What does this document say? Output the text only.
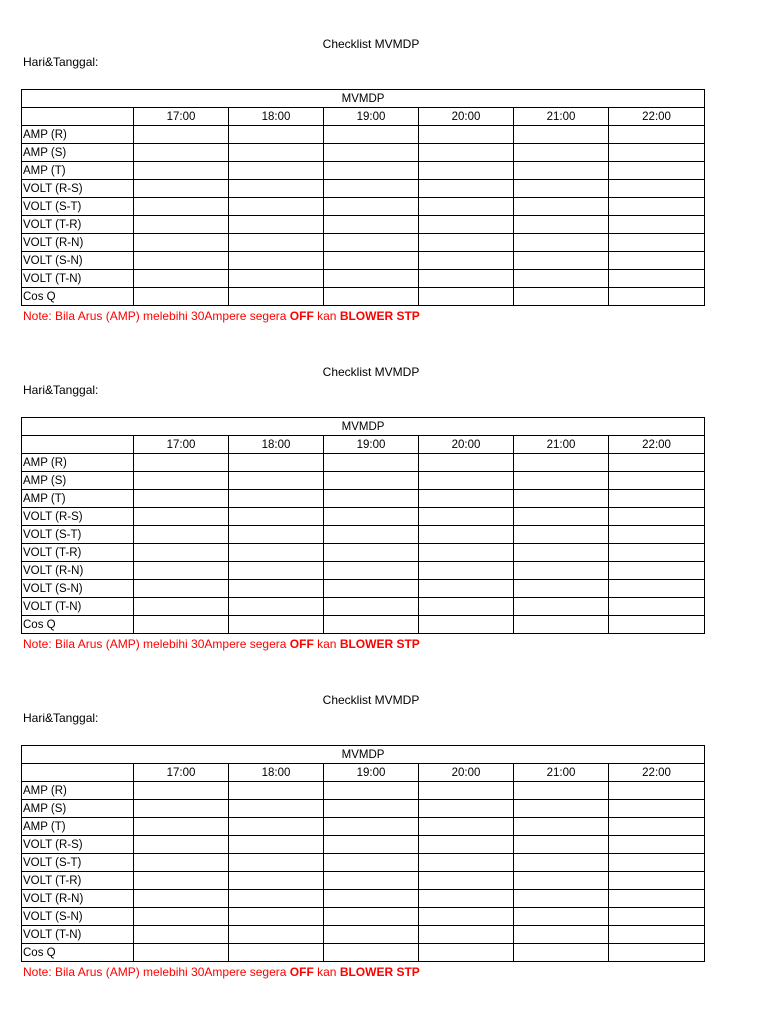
Checklist MVMDP
Hari&Tanggal:
MVMDP						
	17:00	18:00	19:00	20:00	21:00	22:00
AMP (R)						
AMP (S)						
AMP (T)						
VOLT (R-S)						
VOLT (S-T)						
VOLT (T-R)						
VOLT (R-N)						
VOLT (S-N)						
VOLT (T-N)						
Cos Q						
Note: Bila Arus (AMP) melebihi 30Ampere segera OFF kan BLOWER STP
Checklist MVMDP
Hari&Tanggal:
MVMDP						
	17:00	18:00	19:00	20:00	21:00	22:00
AMP (R)						
AMP (S)						
AMP (T)						
VOLT (R-S)						
VOLT (S-T)						
VOLT (T-R)						
VOLT (R-N)						
VOLT (S-N)						
VOLT (T-N)						
Cos Q						
Note: Bila Arus (AMP) melebihi 30Ampere segera OFF kan BLOWER STP
Checklist MVMDP
Hari&Tanggal:
MVMDP						
	17:00	18:00	19:00	20:00	21:00	22:00
AMP (R)						
AMP (S)						
AMP (T)						
VOLT (R-S)						
VOLT (S-T)						
VOLT (T-R)						
VOLT (R-N)						
VOLT (S-N)						
VOLT (T-N)						
Cos Q						
Note: Bila Arus (AMP) melebihi 30Ampere segera OFF kan BLOWER STP
